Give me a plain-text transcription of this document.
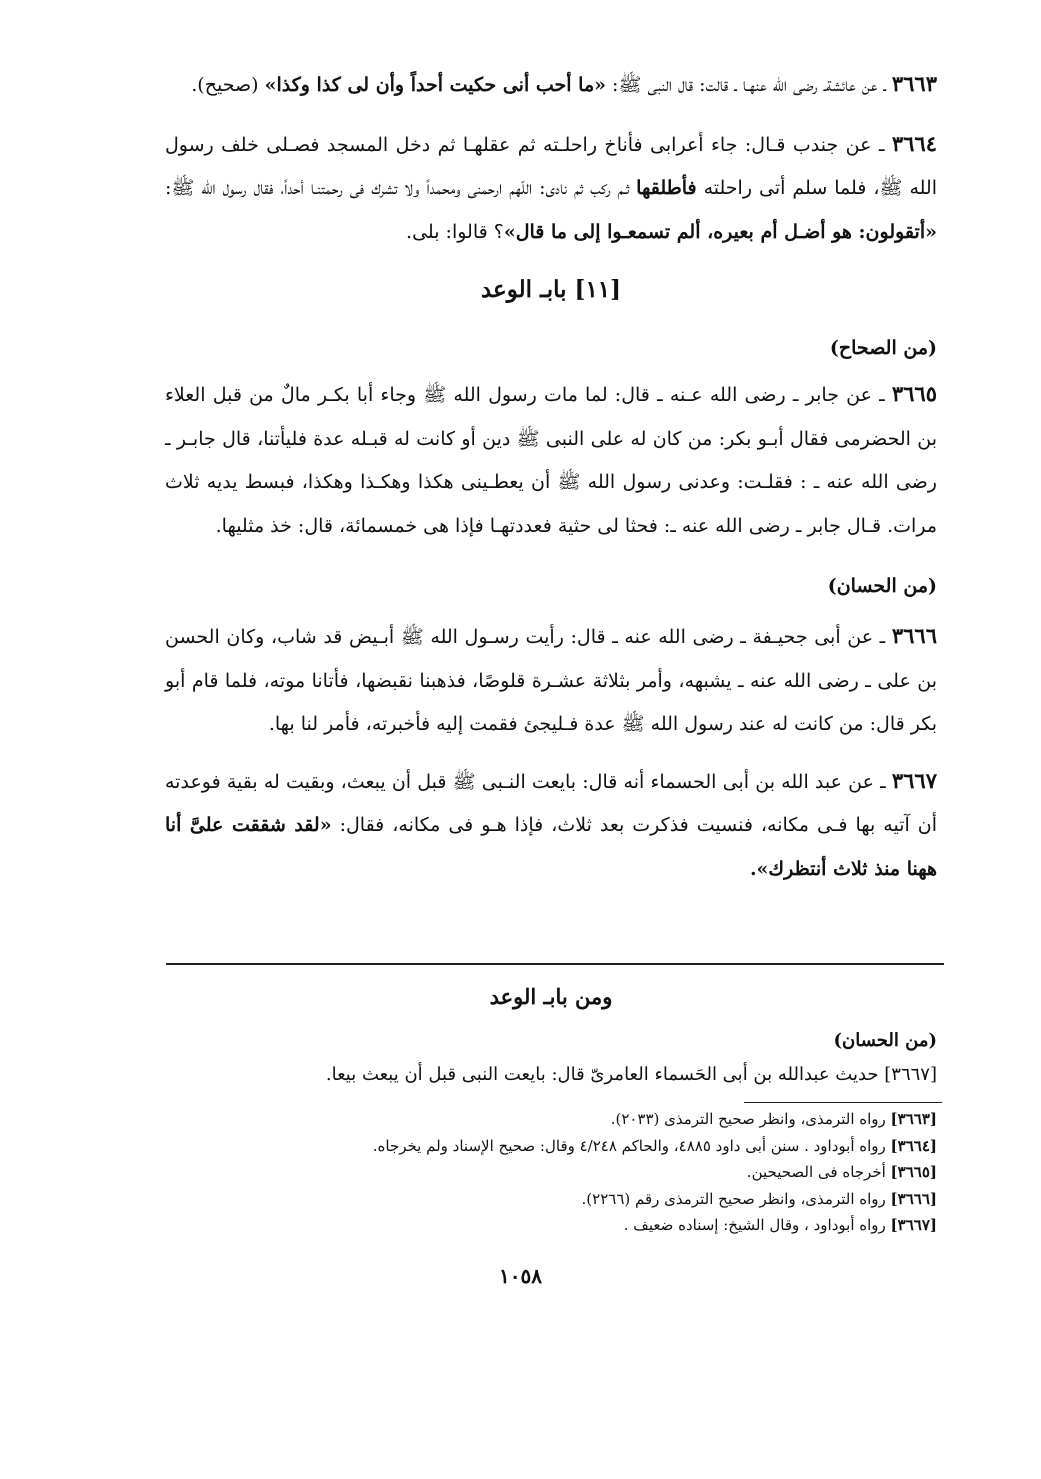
٣٦٦٣ ـ عن عائشةـ رضى الله عنهـا ـ قالت: قال النبى ﷺ: «ما أحب أنى حكيت أحداً وأن لى كذا وكذا» (صحيح).

٣٦٦٤ ـ عن جندب قـال: جاء أعرابى فأناخ راحلـته ثم عقلهـا ثم دخل المسجد فصـلى خلف رسول الله ﷺ، فلما سلم أتى راحلته فأطلقها ثـم ركب ثم نادى: اللّهم ارحمنى ومحمداً ولا تشرك فى رحمتنـا أحداً، فقال رسول الله ﷺ: «أتقولون: هو أضـل أم بعيره، ألم تسمعـوا إلى ما قال»؟ قالوا: بلى.

[١١] بابـ الوعد
(من الصحاح)

٣٦٦٥ ـ عن جابر ـ رضى الله عـنه ـ قال: لما مات رسول الله ﷺ وجاء أبا بكـر مالٌ من قبل العلاء بن الحضرمى فقال أبـو بكر: من كان له على النبى ﷺ دين أو كانت له قبـله عدة فليأتنا، قال جابـر ـ رضى الله عنه ـ : فقلـت: وعدنى رسول الله ﷺ أن يعطـينى هكذا وهكـذا وهكذا، فبسط يديه ثلاث مرات. قـال جابر ـ رضى الله عنه ـ: فحثا لى حثية فعددتهـا فإذا هى خمسمائة، قال: خذ مثليها.

(من الحسان)

٣٦٦٦ ـ عن أبى جحيـفة ـ رضى الله عنه ـ قال: رأيت رسـول الله ﷺ أبـيض قد شاب، وكان الحسن بن على ـ رضى الله عنه ـ يشبهه، وأمر بثلاثة عشـرة قلوصًا، فذهبنا نقبضها، فأتانا موته، فلما قام أبو بكر قال: من كانت له عند رسول الله ﷺ عدة فـليجئ فقمت إليه فأخبرته، فأمر لنا بها.

٣٦٦٧ ـ عن عبد الله بن أبى الحسماء أنه قال: بايعت النـبى ﷺ قبل أن يبعث، وبقيت له بقية فوعدته أن آتيه بها فـى مكانه، فنسيت فذكرت بعد ثلاث، فإذا هـو فى مكانه، فقال: «لقد شققت علىَّ أنا ههنا منذ ثلاث أنتظرك».

ومن بابـ الوعد
(من الحسان)
[٣٦٦٧] حديث عبدالله بن أبى الحَسماء العامرىّ قال: بايعت النبى قبل أن يبعث بيعا.

[٣٦٦٣] رواه الترمذى، وانظر صحيح الترمذى (٢٠٣٣).

[٣٦٦٤] رواه أبوداود . سنن أبى داود ٤٨٨٥، والحاكم ٤/٢٤٨ وقال: صحيح الإسناد ولم يخرجاه.

[٣٦٦٥] أخرجاه فى الصحيحين.

[٣٦٦٦] رواه الترمذى، وانظر صحيح الترمذى رقم (٢٢٦٦).

[٣٦٦٧] رواه أبوداود ، وقال الشيخ: إسناده ضعيف .

١٠٥٨
